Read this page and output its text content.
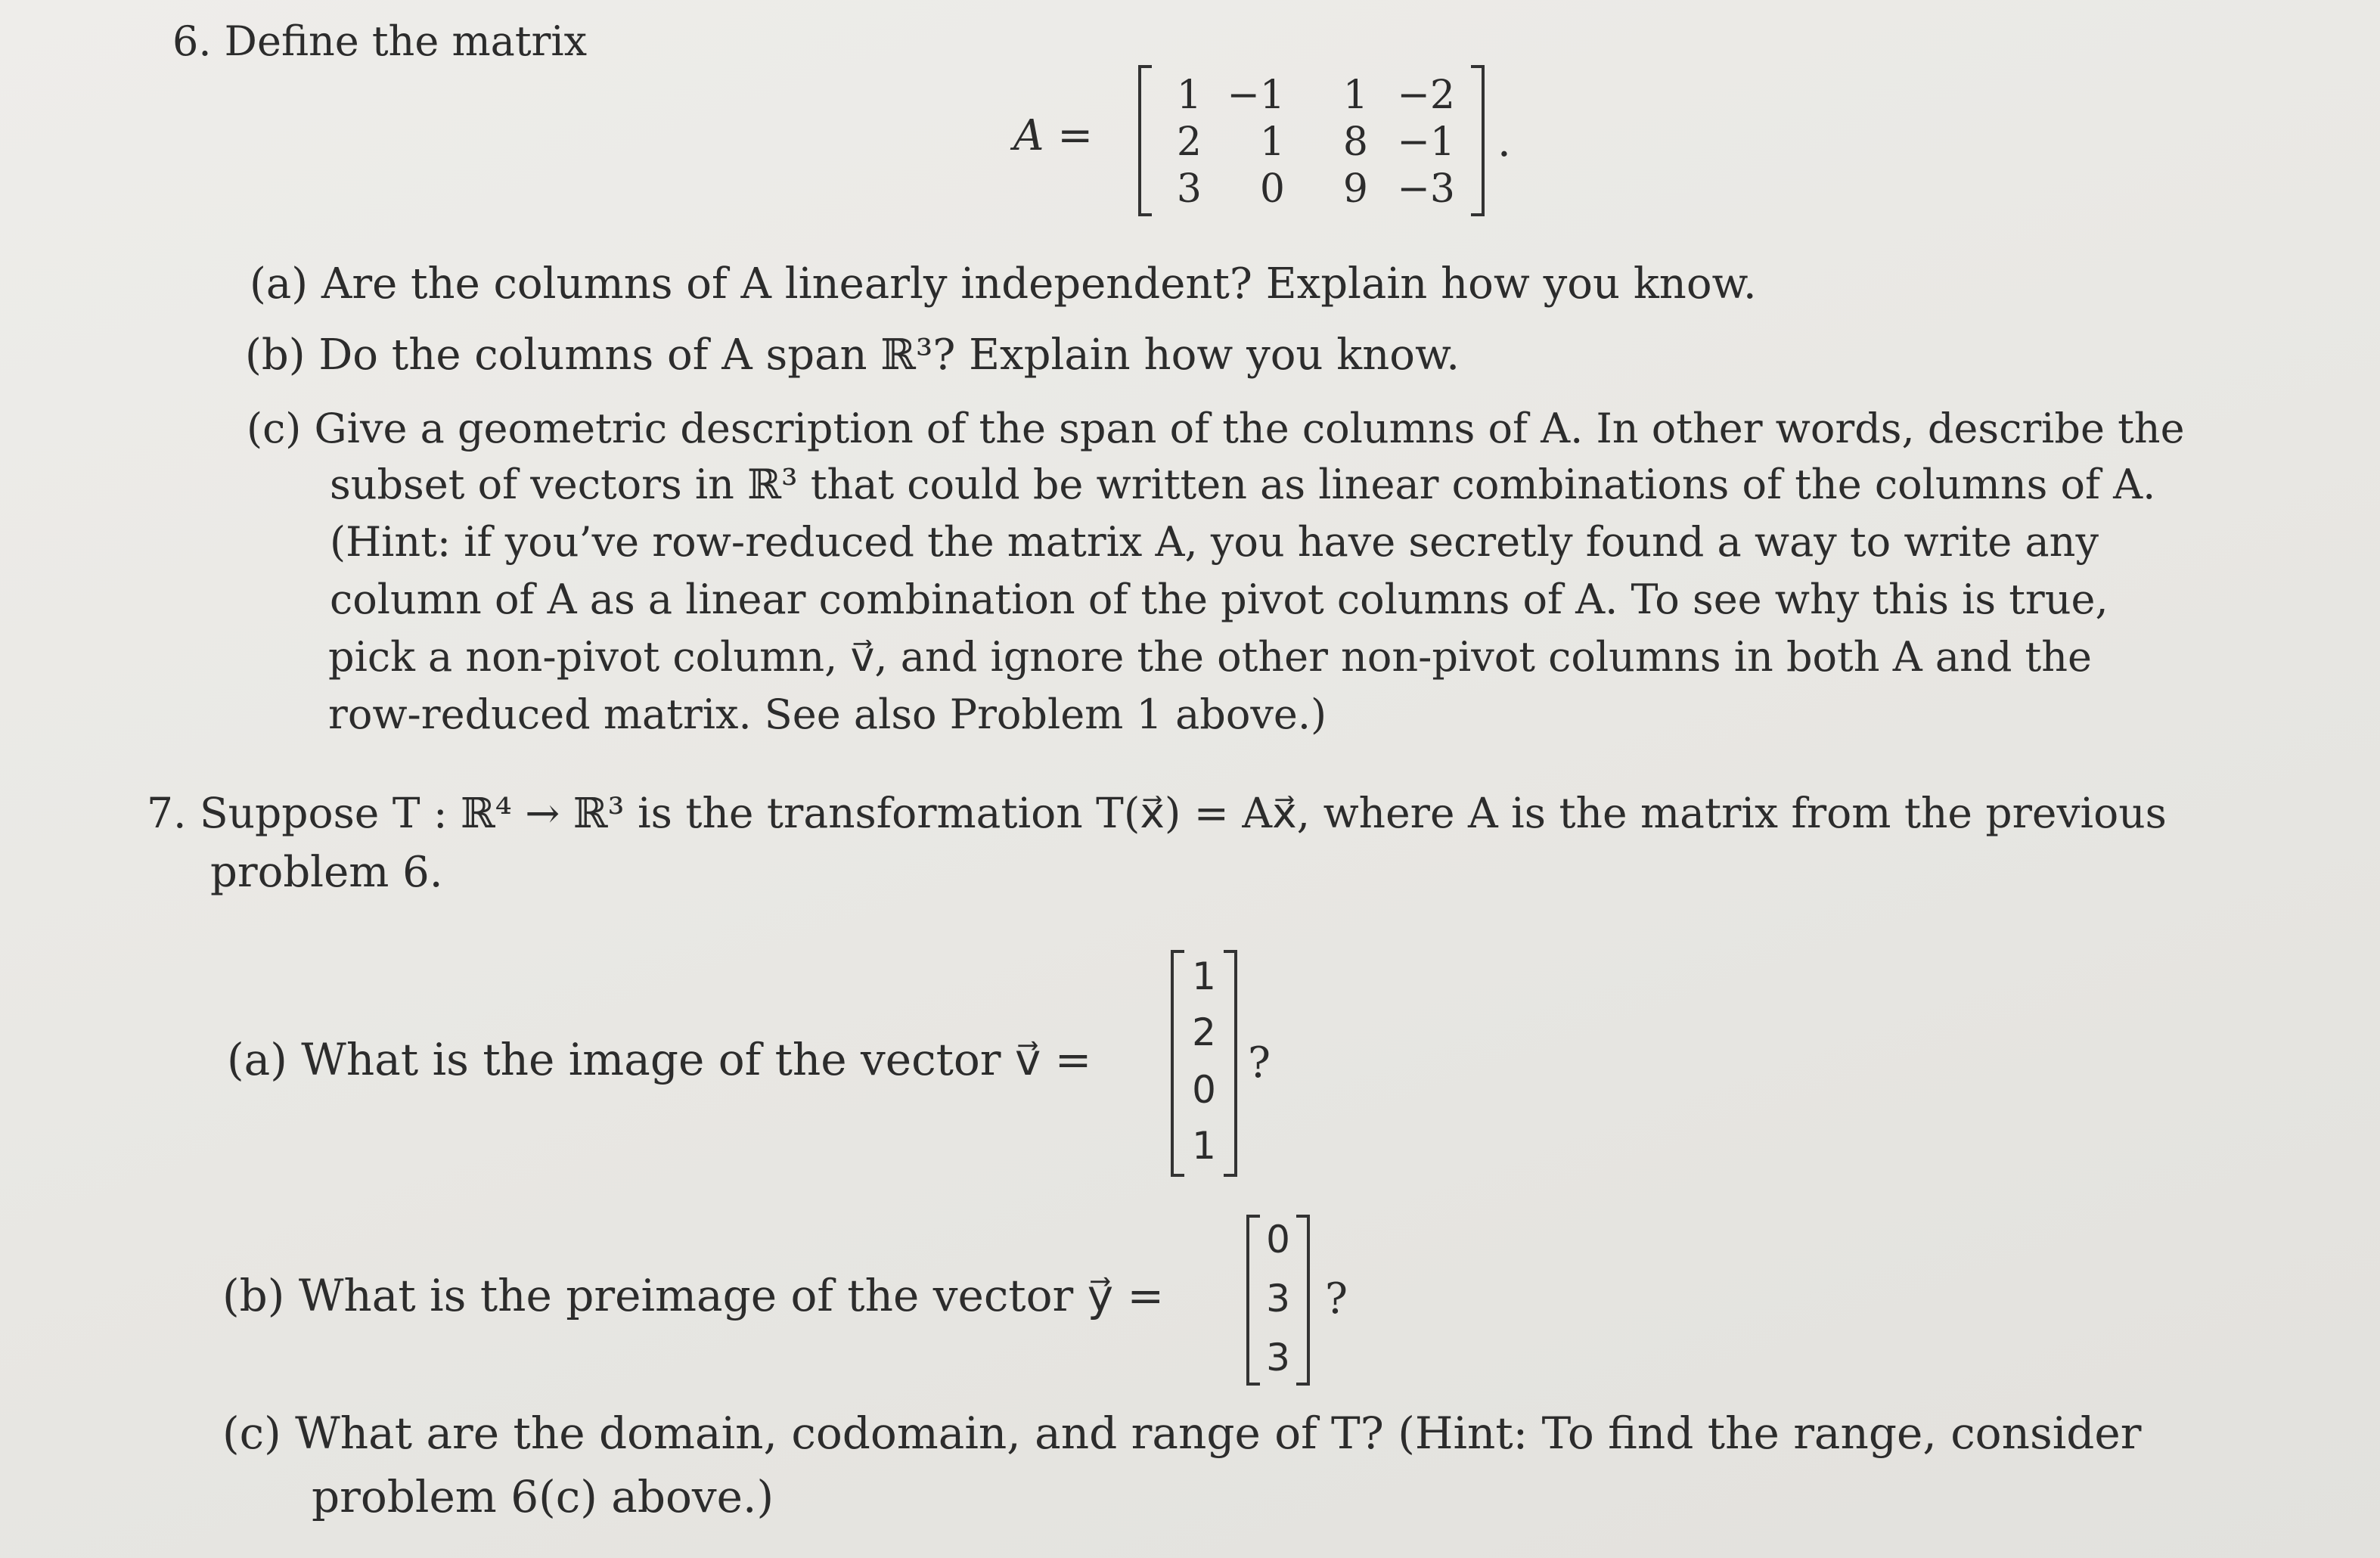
6. Define the matrix
A =
1 −1	1 −2
2	1	8 −1
3	0	9 −3
.
(a) Are the columns of A linearly independent? Explain how you know.
(b) Do the columns of A span ℝ³? Explain how you know.
(c) Give a geometric description of the span of the columns of A. In other words, describe the
subset of vectors in ℝ³ that could be written as linear combinations of the columns of A.
(Hint: if you’ve row-reduced the matrix A, you have secretly found a way to write any
column of A as a linear combination of the pivot columns of A. To see why this is true,
pick a non-pivot column, v⃗, and ignore the other non-pivot columns in both A and the
row-reduced matrix. See also Problem 1 above.)
7. Suppose T : ℝ⁴ → ℝ³ is the transformation T(x⃗) = Ax⃗, where A is the matrix from the previous
problem 6.
(a) What is the image of the vector v⃗ =
1
2
0
1
?
(b) What is the preimage of the vector y⃗ =
0
3
3
?
(c) What are the domain, codomain, and range of T? (Hint: To find the range, consider
problem 6(c) above.)
